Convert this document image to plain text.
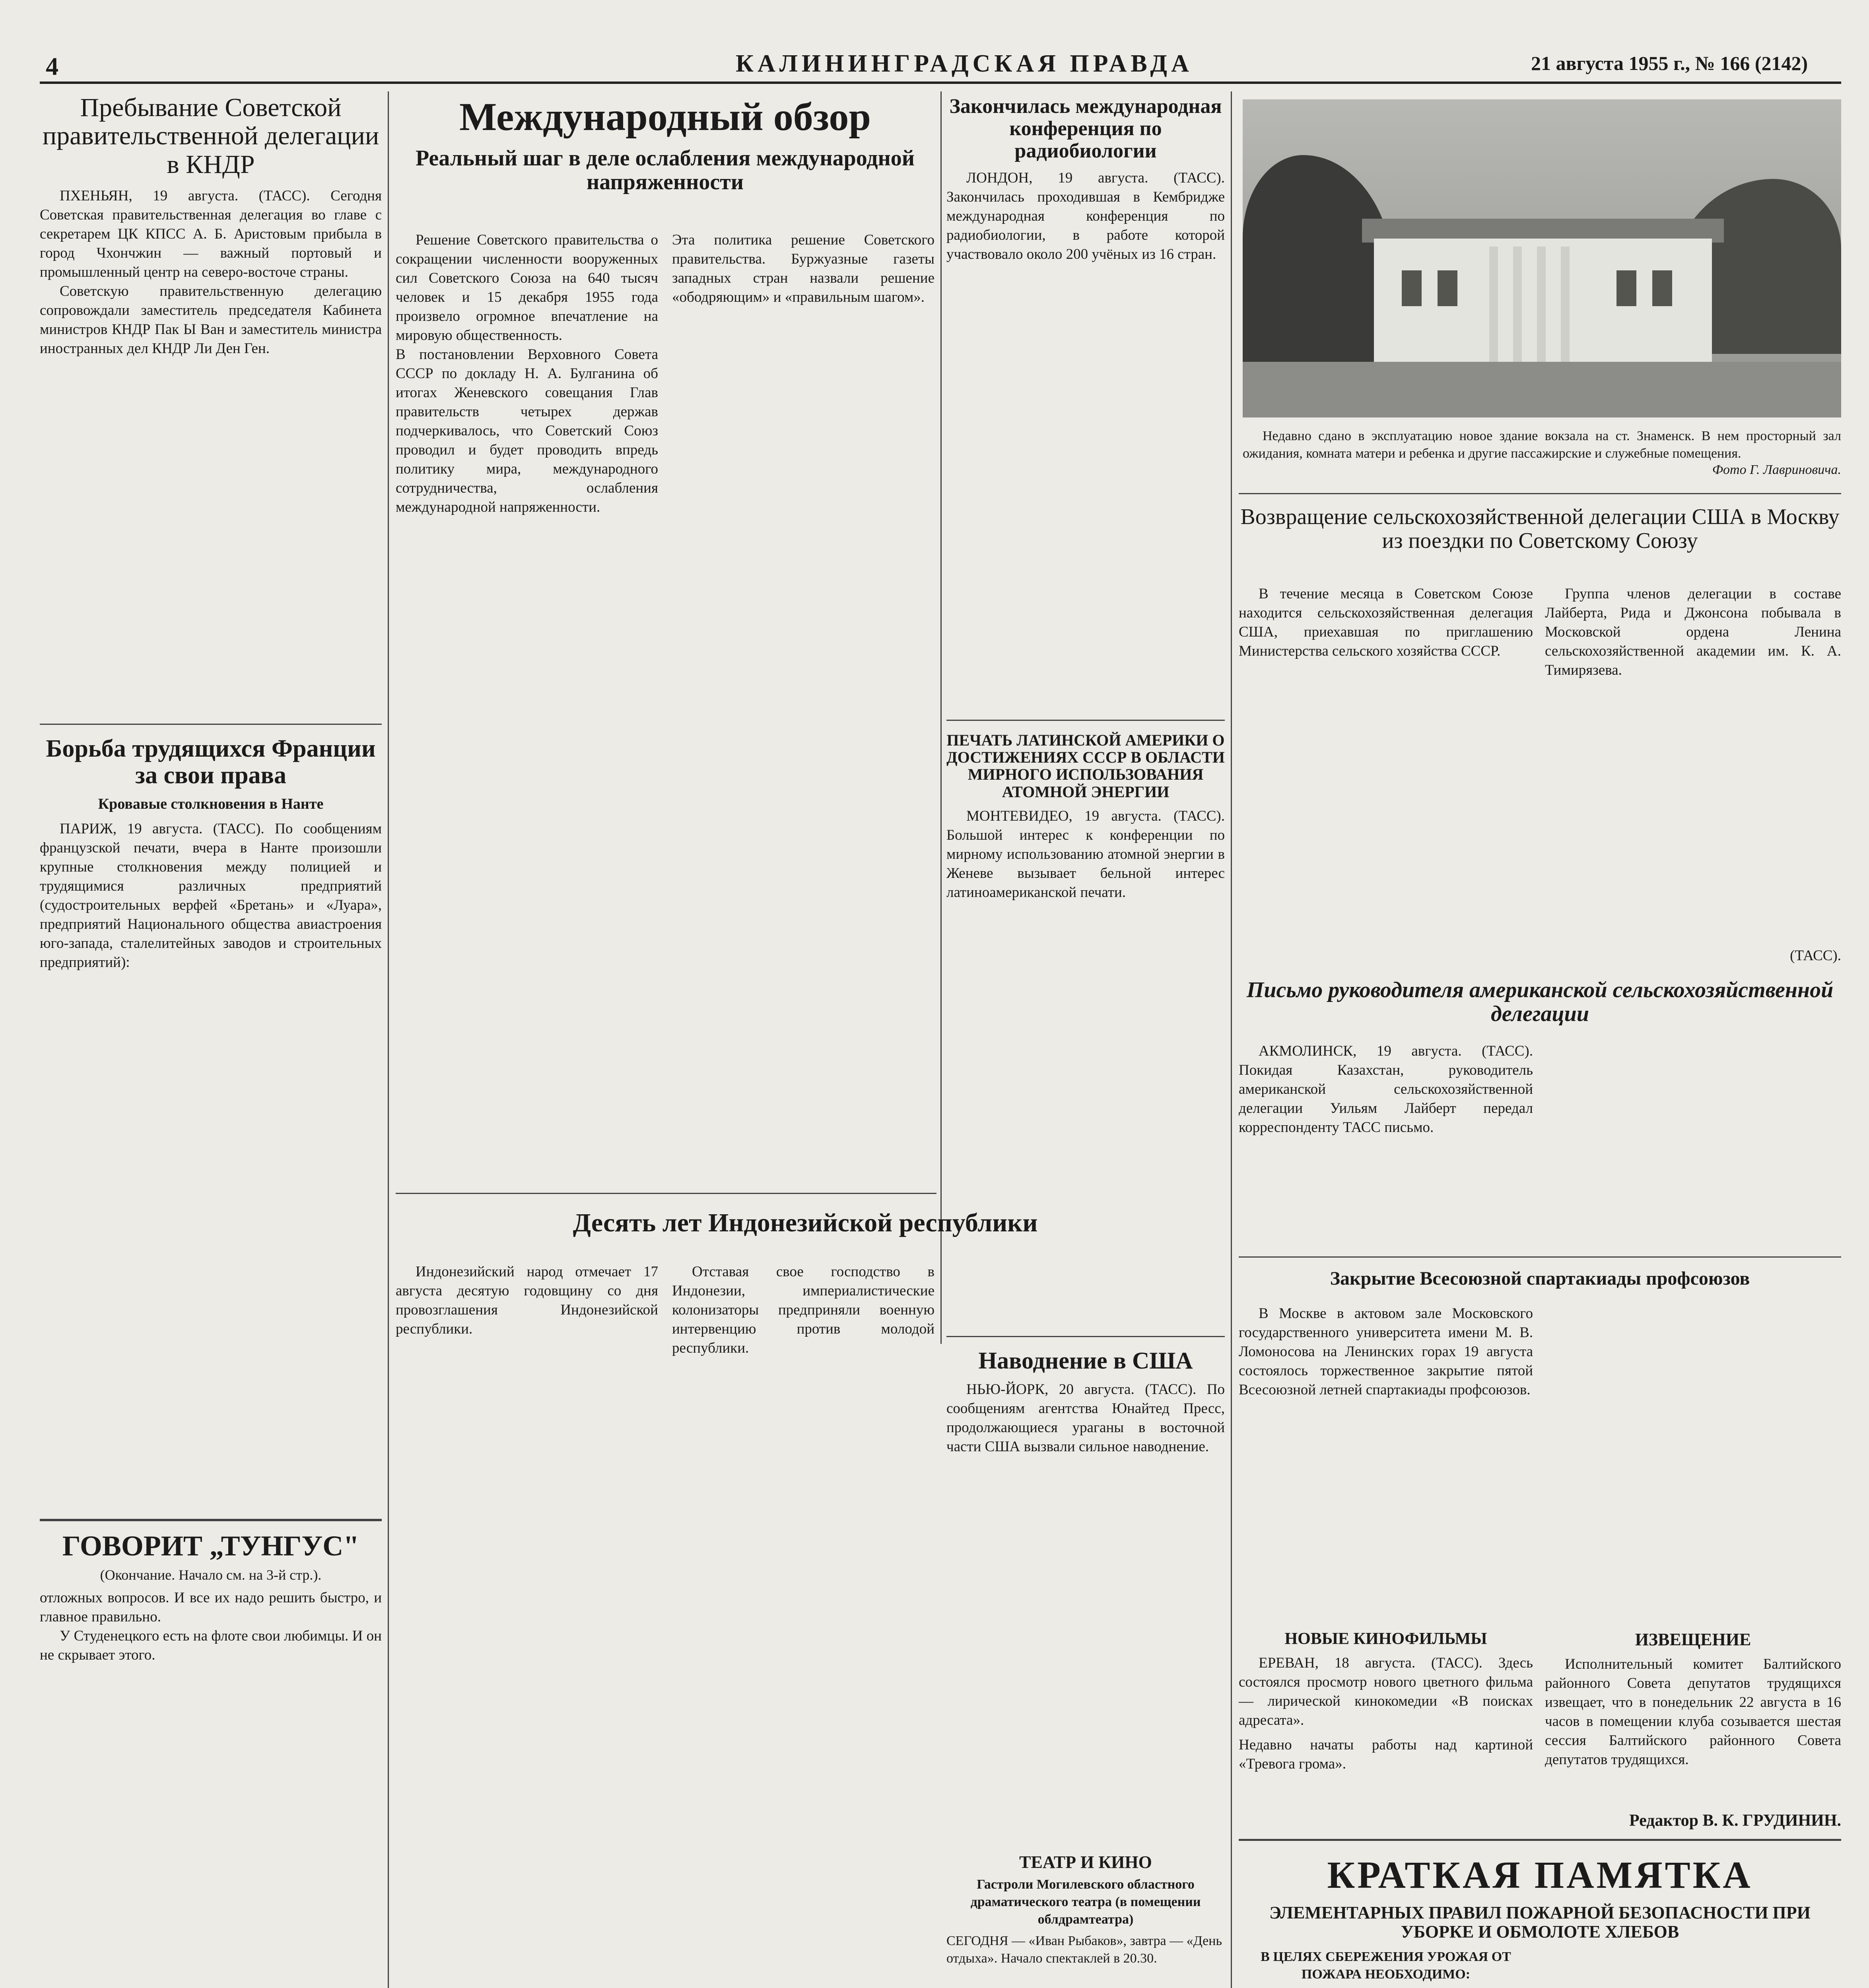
4	КАЛИНИНГРАДСКАЯ ПРАВДА	21 августа 1955 г., № 166 (2142)
Пребывание Советской правительственной делегации в КНДР
ПХЕНЬЯН, 19 августа. (ТАСС). Сегодня Советская правительственная делегация во главе с секретарем ЦК КПСС А. Б. Аристовым прибыла в город Чхончжин — важный портовый и промышленный центр на северо-восточе страны.
Советскую правительственную делегацию сопровождали заместитель председателя Кабинета министров КНДР Пак Ы Ван и заместитель министра иностранных дел КНДР Ли Ден Ген.
Борьба трудящихся Франции за свои права
Кровавые столкновения в Нанте
ПАРИЖ, 19 августа. (ТАСС). По сообщениям французской печати, вчера в Нанте произошли крупные столкновения между полицией и трудящимися различных предприятий (судостроительных верфей «Бретань» и «Луара», предприятий Национального общества авиастроения юго-запада, сталелитейных заводов и строительных предприятий):
ГОВОРИТ „ТУНГУС"
(Окончание. Начало см. на 3-й стр.).
отложных вопросов. И все их надо решить быстро, и главное правильно.
У Студенецкого есть на флоте свои любимцы. И он не скрывает этого.
Международный обзор
Реальный шаг в деле ослабления международной напряженности
Решение Советского правительства о сокращении численности вооруженных сил Советского Союза на 640 тысяч человек и 15 декабря 1955 года произвело огромное впечатление на мировую общественность.
В постановлении Верховного Совета СССР по докладу Н. А. Булганина об итогах Женевского совещания Глав правительств четырех держав подчеркивалось, что Советский Союз проводил и будет проводить впредь политику мира, международного сотрудничества, ослабления международной напряженности.
Эта политика решение Советского правительства. Буржуазные газеты западных стран назвали решение «ободряющим» и «правильным шагом».
Десять лет Индонезийской республики
Индонезийский народ отмечает 17 августа десятую годовщину со дня провозглашения Индонезийской республики.
Отставая свое господство в Индонезии, империалистические колонизаторы предприняли военную интервенцию против молодой республики.
Закончилась международная конференция по радиобиологии
ЛОНДОН, 19 августа. (ТАСС). Закончилась проходившая в Кембридже международная конференция по радиобиологии, в работе которой участвовало около 200 учёных из 16 стран.
ПЕЧАТЬ ЛАТИНСКОЙ АМЕРИКИ О ДОСТИЖЕНИЯХ СССР В ОБЛАСТИ МИРНОГО ИСПОЛЬЗОВАНИЯ АТОМНОЙ ЭНЕРГИИ
МОНТЕВИДЕО, 19 августа. (ТАСС). Большой интерес к конференции по мирному использованию атомной энергии в Женеве вызывает бельной интерес латиноамериканской печати.
Наводнение в США
НЬЮ-ЙОРК, 20 августа. (ТАСС). По сообщениям агентства Юнайтед Пресс, продолжающиеся ураганы в восточной части США вызвали сильное наводнение.
Недавно сдано в эксплуатацию новое здание вокзала на ст. Знаменск. В нем просторный зал ожидания, комната матери и ребенка и другие пассажирские и служебные помещения.
Фото Г. Лавриновича.
Возвращение сельскохозяйственной делегации США в Москву из поездки по Советскому Союзу
В течение месяца в Советском Союзе находится сельскохозяйственная делегация США, приехавшая по приглашению Министерства сельского хозяйства СССР.
Группа членов делегации в составе Лайберта, Рида и Джонсона побывала в Московской ордена Ленина сельскохозяйственной академии им. К. А. Тимирязева.
(ТАСС).
Письмо руководителя американской сельскохозяйственной делегации
АКМОЛИНСК, 19 августа. (ТАСС). Покидая Казахстан, руководитель американской сельскохозяйственной делегации Уильям Лайберт передал корреспонденту ТАСС письмо.
Закрытие Всесоюзной спартакиады профсоюзов
В Москве в актовом зале Московского государственного университета имени М. В. Ломоносова на Ленинских горах 19 августа состоялось торжественное закрытие пятой Всесоюзной летней спартакиады профсоюзов.
НОВЫЕ КИНОФИЛЬМЫ
ЕРЕВАН, 18 августа. (ТАСС). Здесь состоялся просмотр нового цветного фильма — лирической кинокомедии «В поисках адресата».
Недавно начаты работы над картиной «Тревога грома».
ИЗВЕЩЕНИЕ
Исполнительный комитет Балтийского районного Совета депутатов трудящихся извещает, что в понедельник 22 августа в 16 часов в помещении клуба созывается шестая сессия Балтийского районного Совета депутатов трудящихся.
Редактор В. К. ГРУДИНИН.
ТЕАТР И КИНО
Гастроли Могилевского областного драматического театра (в помещении облдрамтеатра)
СЕГОДНЯ — «Иван Рыбаков», завтра — «День отдыха». Начало спектаклей в 20.30.
КРАТКАЯ ПАМЯТКА
ЭЛЕМЕНТАРНЫХ ПРАВИЛ ПОЖАРНОЙ БЕЗОПАСНОСТИ ПРИ УБОРКЕ И ОБМОЛОТЕ ХЛЕБОВ
В ЦЕЛЯХ СБЕРЕЖЕНИЯ УРОЖАЯ ОТ ПОЖАРА НЕОБХОДИМО:
